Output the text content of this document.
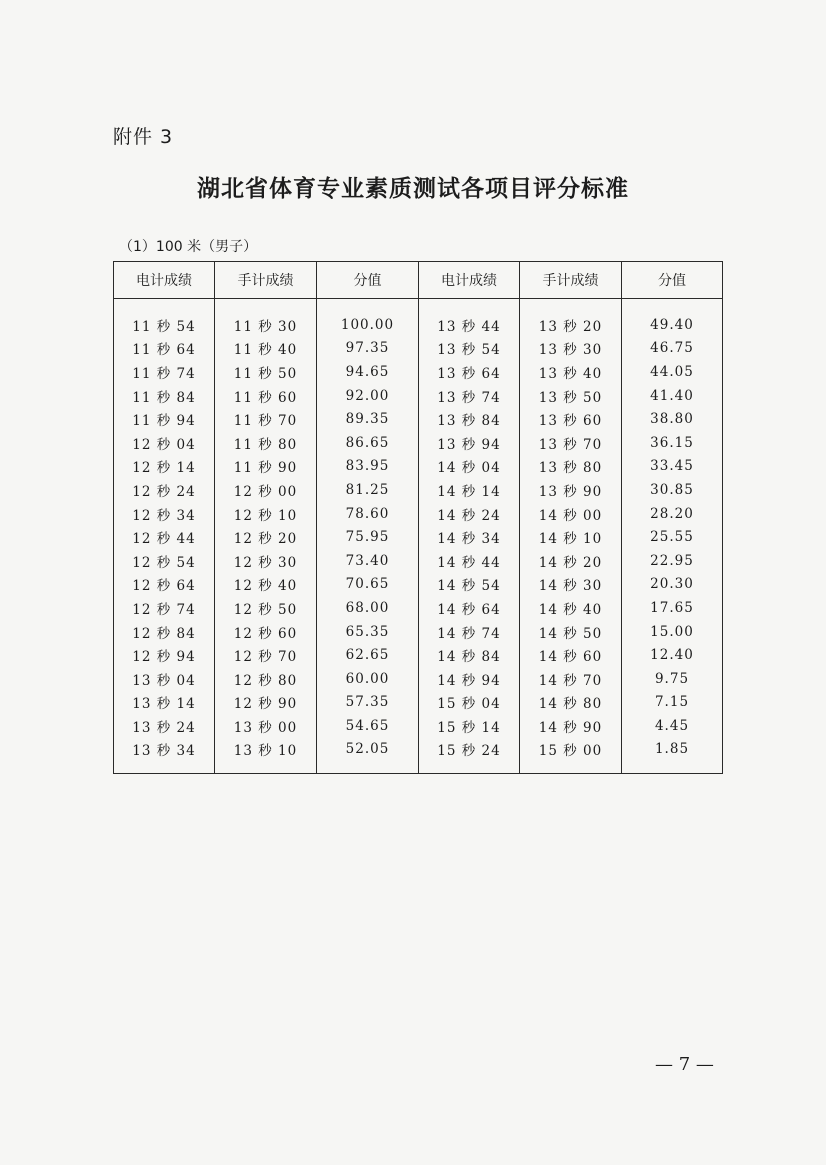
附件 3
湖北省体育专业素质测试各项目评分标准
（1）100 米（男子）
电计成绩	手计成绩	分值	电计成绩	手计成绩	分值

11 秒 54	11 秒 30	100.00	13 秒 44	13 秒 20	49.40
11 秒 64	11 秒 40	97.35	13 秒 54	13 秒 30	46.75
11 秒 74	11 秒 50	94.65	13 秒 64	13 秒 40	44.05
11 秒 84	11 秒 60	92.00	13 秒 74	13 秒 50	41.40
11 秒 94	11 秒 70	89.35	13 秒 84	13 秒 60	38.80
12 秒 04	11 秒 80	86.65	13 秒 94	13 秒 70	36.15
12 秒 14	11 秒 90	83.95	14 秒 04	13 秒 80	33.45
12 秒 24	12 秒 00	81.25	14 秒 14	13 秒 90	30.85
12 秒 34	12 秒 10	78.60	14 秒 24	14 秒 00	28.20
12 秒 44	12 秒 20	75.95	14 秒 34	14 秒 10	25.55
12 秒 54	12 秒 30	73.40	14 秒 44	14 秒 20	22.95
12 秒 64	12 秒 40	70.65	14 秒 54	14 秒 30	20.30
12 秒 74	12 秒 50	68.00	14 秒 64	14 秒 40	17.65
12 秒 84	12 秒 60	65.35	14 秒 74	14 秒 50	15.00
12 秒 94	12 秒 70	62.65	14 秒 84	14 秒 60	12.40
13 秒 04	12 秒 80	60.00	14 秒 94	14 秒 70	9.75
13 秒 14	12 秒 90	57.35	15 秒 04	14 秒 80	7.15
13 秒 24	13 秒 00	54.65	15 秒 14	14 秒 90	4.45
13 秒 34	13 秒 10	52.05	15 秒 24	15 秒 00	1.85

— 7 —
